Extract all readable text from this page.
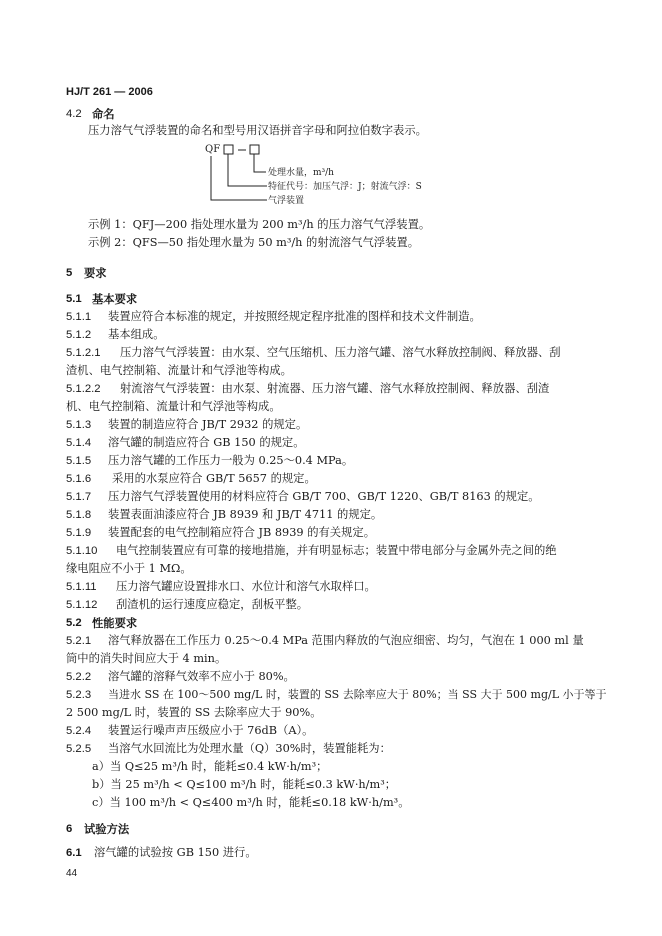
HJ/T 261 — 2006
4.2 命名
压力溶气气浮装置的命名和型号用汉语拼音字母和阿拉伯数字表示。
QF
处理水量，m³/h
特征代号：加压气浮：J；射流气浮：S
气浮装置
示例 1：QFJ—200 指处理水量为 200 m³/h 的压力溶气气浮装置。
示例 2：QFS—50 指处理水量为 50 m³/h 的射流溶气气浮装置。
5 要求
5.1 基本要求
5.1.1 装置应符合本标准的规定，并按照经规定程序批准的图样和技术文件制造。
5.1.2 基本组成。
5.1.2.1 压力溶气气浮装置：由水泵、空气压缩机、压力溶气罐、溶气水释放控制阀、释放器、刮
渣机、电气控制箱、流量计和气浮池等构成。
5.1.2.2 射流溶气气浮装置：由水泵、射流器、压力溶气罐、溶气水释放控制阀、释放器、刮渣
机、电气控制箱、流量计和气浮池等构成。
5.1.3 装置的制造应符合 JB/T 2932 的规定。
5.1.4 溶气罐的制造应符合 GB 150 的规定。
5.1.5 压力溶气罐的工作压力一般为 0.25～0.4 MPa。
5.1.6 采用的水泵应符合 GB/T 5657 的规定。
5.1.7 压力溶气气浮装置使用的材料应符合 GB/T 700、GB/T 1220、GB/T 8163 的规定。
5.1.8 装置表面油漆应符合 JB 8939 和 JB/T 4711 的规定。
5.1.9 装置配套的电气控制箱应符合 JB 8939 的有关规定。
5.1.10 电气控制装置应有可靠的接地措施，并有明显标志；装置中带电部分与金属外壳之间的绝
缘电阻应不小于 1 MΩ。
5.1.11 压力溶气罐应设置排水口、水位计和溶气水取样口。
5.1.12 刮渣机的运行速度应稳定，刮板平整。
5.2 性能要求
5.2.1 溶气释放器在工作压力 0.25～0.4 MPa 范围内释放的气泡应细密、均匀，气泡在 1 000 ml 量
筒中的消失时间应大于 4 min。
5.2.2 溶气罐的溶释气效率不应小于 80%。
5.2.3 当进水 SS 在 100～500 mg/L 时，装置的 SS 去除率应大于 80%；当 SS 大于 500 mg/L 小于等于
2 500 mg/L 时，装置的 SS 去除率应大于 90%。
5.2.4 装置运行噪声声压级应小于 76dB（A）。
5.2.5 当溶气水回流比为处理水量（Q）30%时，装置能耗为：
a）当 Q≤25 m³/h 时，能耗≤0.4 kW·h/m³；
b）当 25 m³/h < Q≤100 m³/h 时，能耗≤0.3 kW·h/m³；
c）当 100 m³/h < Q≤400 m³/h 时，能耗≤0.18 kW·h/m³。
6 试验方法
6.1 溶气罐的试验按 GB 150 进行。
44
